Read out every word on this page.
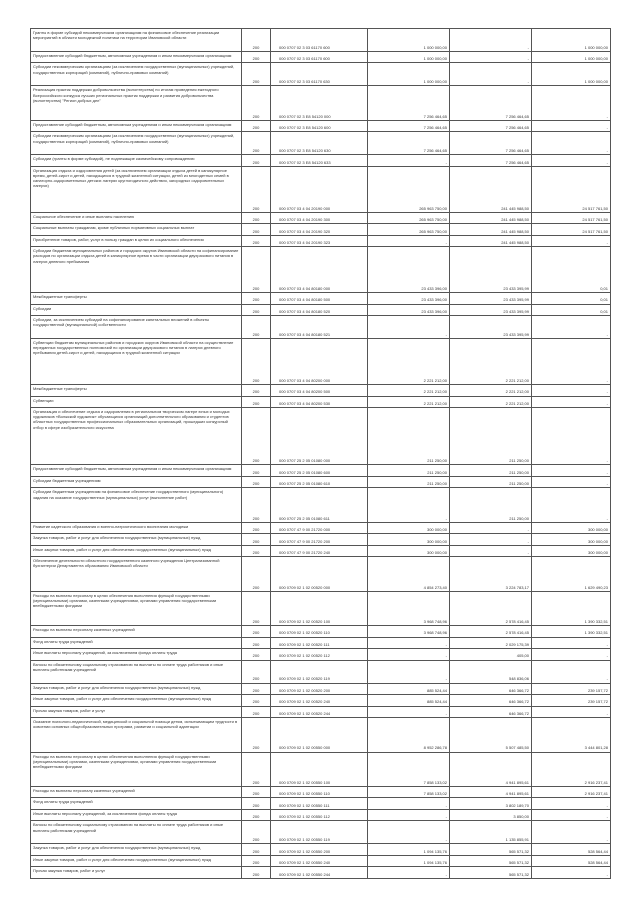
Гранты в форме субсидий некоммерческим организациям на финансовое обеспечение реализации мероприятий в области молодежной политики на территории Ивановской области	200	000 0707 02 3 03 61170 600	1 000 000,00	-	1 000 000,00
Предоставление субсидий бюджетным, автономным учреждениям и иным некоммерческим организациям	200	000 0707 02 3 03 61170 600	1 000 000,00	-	1 000 000,00
Субсидии некоммерческим организациям (за исключением государственных (муниципальных) учреждений, государственных корпораций (компаний), публично-правовых компаний)	200	000 0707 02 3 03 61170 630	1 000 000,00	-	1 000 000,00
Реализация практик поддержки добровольчества (волонтерства) по итогам проведения ежегодного Всероссийского конкурса лучших региональных практик поддержки и развития добровольчества (волонтерства) "Регион добрых дел"	200	000 0707 02 3 E8 54120 000	7 256 464,65	7 256 464,65	-
Предоставление субсидий бюджетным, автономным учреждениям и иным некоммерческим организациям	200	000 0707 02 3 E8 54120 600	7 256 464,65	7 256 464,65	-
Субсидии некоммерческим организациям (за исключением государственных (муниципальных) учреждений, государственных корпораций (компаний), публично-правовых компаний)	200	000 0707 02 3 E8 54120 630	7 256 464,65	7 256 464,65	-
Субсидии (гранты в форме субсидий), не подлежащие казначейскому сопровождению	200	000 0707 02 3 E8 54120 633	-	7 256 464,65	-
Организация отдыха и оздоровления детей (за исключением организации отдыха детей в каникулярное время, детей-сирот и детей, находящихся в трудной жизненной ситуации, детей из многодетных семей в санаторно-оздоровительных детских лагерях круглогодичного действия, загородных оздоровительных лагерях)	200	000 0707 03 4 04 20190 000	265 963 750,00	241 445 988,50	24 517 761,50
Социальное обеспечение и иные выплаты населению	200	000 0707 03 4 04 20190 300	265 963 750,00	241 445 988,50	24 517 761,50
Социальные выплаты гражданам, кроме публичных нормативных социальных выплат	200	000 0707 03 4 04 20190 320	265 963 750,00	241 445 988,50	24 517 761,50
Приобретение товаров, работ, услуг в пользу граждан в целях их социального обеспечения	200	000 0707 03 4 04 20190 323	-	241 445 988,50	-
Субсидии бюджетам муниципальных районов и городских округов Ивановской области на софинансирование расходов по организации отдыха детей в каникулярное время в части организации двухразового питания в лагерях дневного пребывания	200	000 0707 03 4 04 80180 000	23 433 396,00	23 433 395,99	0,01
Межбюджетные трансферты	200	000 0707 03 4 04 80180 500	23 433 396,00	23 433 395,99	0,01
Субсидии	200	000 0707 03 4 04 80180 520	23 433 396,00	23 433 395,99	0,01
Субсидии, за исключением субсидий на софинансирование капитальных вложений в объекты государственной (муниципальной) собственности	200	000 0707 03 4 04 80180 521	-	23 433 395,99	-
Субвенции бюджетам муниципальных районов и городских округов Ивановской области на осуществление переданных государственных полномочий по организации двухразового питания в лагерях дневного пребывания детей-сирот и детей, находящихся в трудной жизненной ситуации	200	000 0707 03 4 04 80200 000	2 221 212,00	2 221 212,00	-
Межбюджетные трансферты	200	000 0707 03 4 04 80200 500	2 221 212,00	2 221 212,00	-
Субвенции	200	000 0707 03 4 04 80200 530	2 221 212,00	2 221 212,00	-
Организация и обеспечение отдыха и оздоровления в региональном творческом лагере юных и молодых художников «Волжский художник» обучающихся организаций дополнительного образования и студентов областных государственных профессиональных образовательных организаций, прошедших конкурсный отбор в сфере изобразительного искусства	200	000 0707 25 2 05 01080 000	211 250,00	211 250,00	-
Предоставление субсидий бюджетным, автономным учреждениям и иным некоммерческим организациям	200	000 0707 25 2 05 01080 600	211 250,00	211 250,00	-
Субсидии бюджетным учреждениям	200	000 0707 25 2 05 01080 610	211 250,00	211 250,00	-
Субсидии бюджетным учреждениям на финансовое обеспечение государственного (муниципального) задания на оказание государственных (муниципальных) услуг (выполнение работ)	200	000 0707 25 2 05 01080 611	-	211 250,00	-
Развитие кадетского образования и военно-патриотического воспитания молодежи	200	000 0707 47 9 00 21720 000	300 000,00	-	300 000,00
Закупка товаров, работ и услуг для обеспечения государственных (муниципальных) нужд	200	000 0707 47 9 00 21720 200	300 000,00	-	300 000,00
Иные закупки товаров, работ и услуг для обеспечения государственных (муниципальных) нужд	200	000 0707 47 9 00 21720 240	300 000,00	-	300 000,00
Обеспечение деятельности областного государственного казенного учреждения Централизованной бухгалтерии Департамента образования Ивановской области	200	000 0709 02 1 02 00520 000	4 854 273,40	3 224 783,17	1 629 490,23
Расходы на выплаты персоналу в целях обеспечения выполнения функций государственными (муниципальными) органами, казенными учреждениями, органами управления государственными внебюджетными фондами	200	000 0709 02 1 02 00520 100	3 968 748,96	2 578 416,45	1 390 332,51
Расходы на выплаты персоналу казенных учреждений	200	000 0709 02 1 02 00520 110	3 968 748,96	2 578 416,45	1 390 332,51
Фонд оплаты труда учреждений	200	000 0709 02 1 02 00520 111	-	2 029 175,39	-
Иные выплаты персоналу учреждений, за исключением фонда оплаты труда	200	000 0709 02 1 02 00520 112	-	405,00	-
Взносы по обязательному социальному страхованию на выплаты по оплате труда работников и иные выплаты работникам учреждений	200	000 0709 02 1 02 00520 119	-	548 836,06	-
Закупка товаров, работ и услуг для обеспечения государственных (муниципальных) нужд	200	000 0709 02 1 02 00520 200	885 524,44	646 366,72	239 157,72
Иные закупки товаров, работ и услуг для обеспечения государственных (муниципальных) нужд	200	000 0709 02 1 02 00520 240	885 524,44	646 366,72	239 157,72
Прочая закупка товаров, работ и услуг	200	000 0709 02 1 02 00520 244	-	646 366,72	-
Оказание психолого-педагогической, медицинской и социальной помощи детям, испытывающим трудности в освоении основных общеобразовательных программ, развитии и социальной адаптации	200	000 0709 02 1 02 00550 000	8 952 286,78	5 507 485,50	3 444 801,28
Расходы на выплаты персоналу в целях обеспечения выполнения функций государственными (муниципальными) органами, казенными учреждениями, органами управления государственными внебюджетными фондами	200	000 0709 02 1 02 00550 100	7 858 133,02	4 941 895,61	2 916 237,41
Расходы на выплаты персоналу казенных учреждений	200	000 0709 02 1 02 00550 110	7 858 133,02	4 941 895,61	2 916 237,41
Фонд оплаты труда учреждений	200	000 0709 02 1 02 00550 111	-	3 802 189,70	-
Иные выплаты персоналу учреждений, за исключением фонда оплаты труда	200	000 0709 02 1 02 00550 112	-	3 850,00	-
Взносы по обязательному социальному страхованию на выплаты по оплате труда работников и иные выплаты работникам учреждений	200	000 0709 02 1 02 00550 119	-	1 135 855,91	-
Закупка товаров, работ и услуг для обеспечения государственных (муниципальных) нужд	200	000 0709 02 1 02 00550 200	1 094 135,76	565 571,32	528 564,44
Иные закупки товаров, работ и услуг для обеспечения государственных (муниципальных) нужд	200	000 0709 02 1 02 00550 240	1 094 135,76	565 571,32	528 564,44
Прочая закупка товаров, работ и услуг	200	000 0709 02 1 02 00550 244	-	565 571,32	-
